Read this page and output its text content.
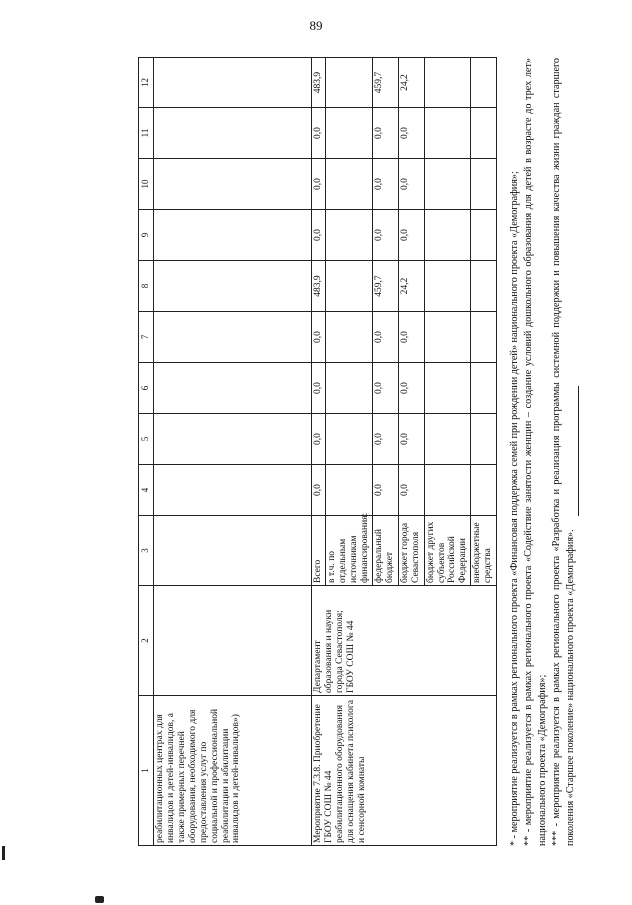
89
1	2	3	4	5	6	7	8	9	10	11	12
реабилитационных центрах для инвалидов и детей-инвалидов, а также примерных перечней оборудования, необходимого для предоставления услуг по социальной и профессиональной реабилитации и абилитации инвалидов и детей-инвалидов»)											
Мероприятие 7.3.8. Приобретение ГБОУ СОШ № 44 реабилитационного оборудования для оснащения кабинета психолога и сенсорной комнаты	Департамент образования и науки города Севастополя; ГБОУ СОШ № 44	Всего	0,0	0,0	0,0	0,0	483,9	0,0	0,0	0,0	483,9
		в т.ч. по отдельным источникам финансирования:									
		федеральный бюджет	0,0	0,0	0,0	0,0	459,7	0,0	0,0	0,0	459,7
		бюджет города Севастополя	0,0	0,0	0,0	0,0	24,2	0,0	0,0	0,0	24,2
		бюджет других субъектов Российской Федерации									
		внебюджетные средства									* - мероприятие реализуется в рамках регионального проекта «Финансовая поддержка семей при рождении детей» национального проекта «Демография»; ** - мероприятие реализуется в рамках регионального проекта «Содействие занятости женщин – создание условий дошкольного образования для детей в возрасте до трех лет» национального проекта «Демография»; *** - мероприятие реализуется в рамках регионального проекта «Разработка и реализация программы системной поддержки и повышения качества жизни граждан старшего поколения «Старшее поколение» национального проекта «Демография».
